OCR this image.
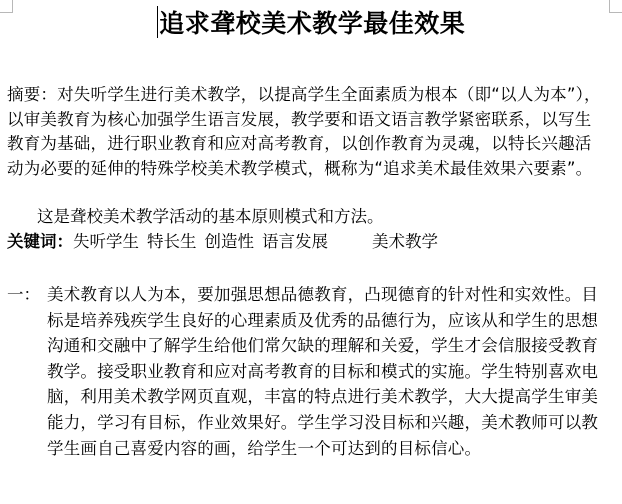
追求聋校美术教学最佳效果
摘要：对失听学生进行美术教学，以提高学生全面素质为根本（即“以人为本”），以审美教育为核心加强学生语言发展，教学要和语文语言教学紧密联系，以写生教育为基础，进行职业教育和应对高考教育，以创作教育为灵魂，以特长兴趣活动为必要的延伸的特殊学校美术教学模式，概称为“追求美术最佳效果六要素”。
这是聋校美术教学活动的基本原则模式和方法。
关键词：失听学生 特长生 创造性 语言发展	美术教学
一： 美术教育以人为本，要加强思想品德教育，凸现德育的针对性和实效性。目标是培养残疾学生良好的心理素质及优秀的品德行为，应该从和学生的思想沟通和交融中了解学生给他们常欠缺的理解和关爱，学生才会信服接受教育教学。接受职业教育和应对高考教育的目标和模式的实施。学生特别喜欢电脑，利用美术教学网页直观，丰富的特点进行美术教学，大大提高学生审美能力，学习有目标，作业效果好。学生学习没目标和兴趣，美术教师可以教学生画自己喜爱内容的画，给学生一个可达到的目标信心。
